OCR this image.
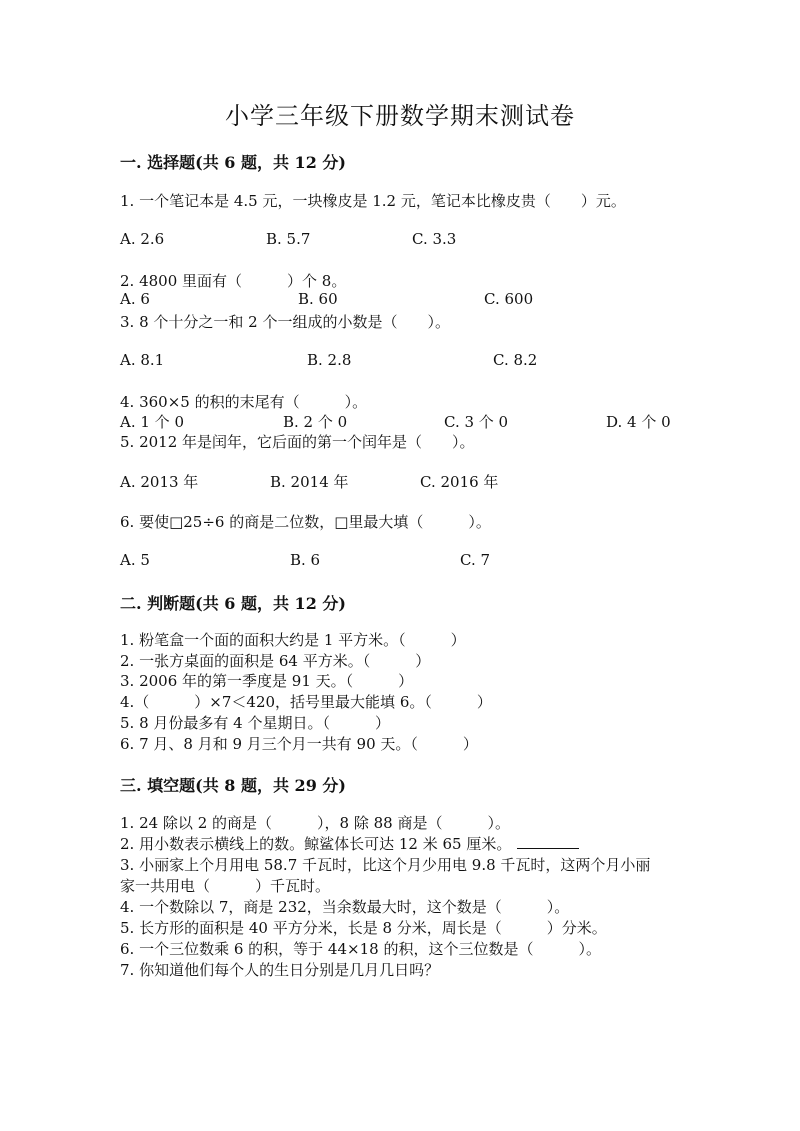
小学三年级下册数学期末测试卷
一. 选择题(共 6 题，共 12 分)
1. 一个笔记本是 4.5 元，一块橡皮是 1.2 元，笔记本比橡皮贵（　　）元。
A. 2.6	B. 5.7	C. 3.3
2. 4800 里面有（　　　）个 8。
A. 6	B. 60	C. 600
3. 8 个十分之一和 2 个一组成的小数是（　　）。
A. 8.1	B. 2.8	C. 8.2
4. 360×5 的积的末尾有（　　　）。
A. 1 个 0	B. 2 个 0	C. 3 个 0	D. 4 个 0
5. 2012 年是闰年，它后面的第一个闰年是（　　）。
A. 2013 年	B. 2014 年	C. 2016 年
6. 要使□25÷6 的商是二位数，□里最大填（　　　）。
A. 5	B. 6	C. 7
二. 判断题(共 6 题，共 12 分)
1. 粉笔盒一个面的面积大约是 1 平方米。（　　　）
2. 一张方桌面的面积是 64 平方米。（　　　）
3. 2006 年的第一季度是 91 天。（　　　）
4.（　　　）×7＜420，括号里最大能填 6。（　　　）
5. 8 月份最多有 4 个星期日。（　　　）
6. 7 月、8 月和 9 月三个月一共有 90 天。（　　　）
三. 填空题(共 8 题，共 29 分)
1. 24 除以 2 的商是（　　　），8 除 88 商是（　　　）。
2. 用小数表示横线上的数。鲸鲨体长可达 12 米 65 厘米。
3. 小丽家上个月用电 58.7 千瓦时，比这个月少用电 9.8 千瓦时，这两个月小丽
家一共用电（　　　）千瓦时。
4. 一个数除以 7，商是 232，当余数最大时，这个数是（　　　）。
5. 长方形的面积是 40 平方分米，长是 8 分米，周长是（　　　）分米。
6. 一个三位数乘 6 的积，等于 44×18 的积，这个三位数是（　　　）。
7. 你知道他们每个人的生日分别是几月几日吗？
